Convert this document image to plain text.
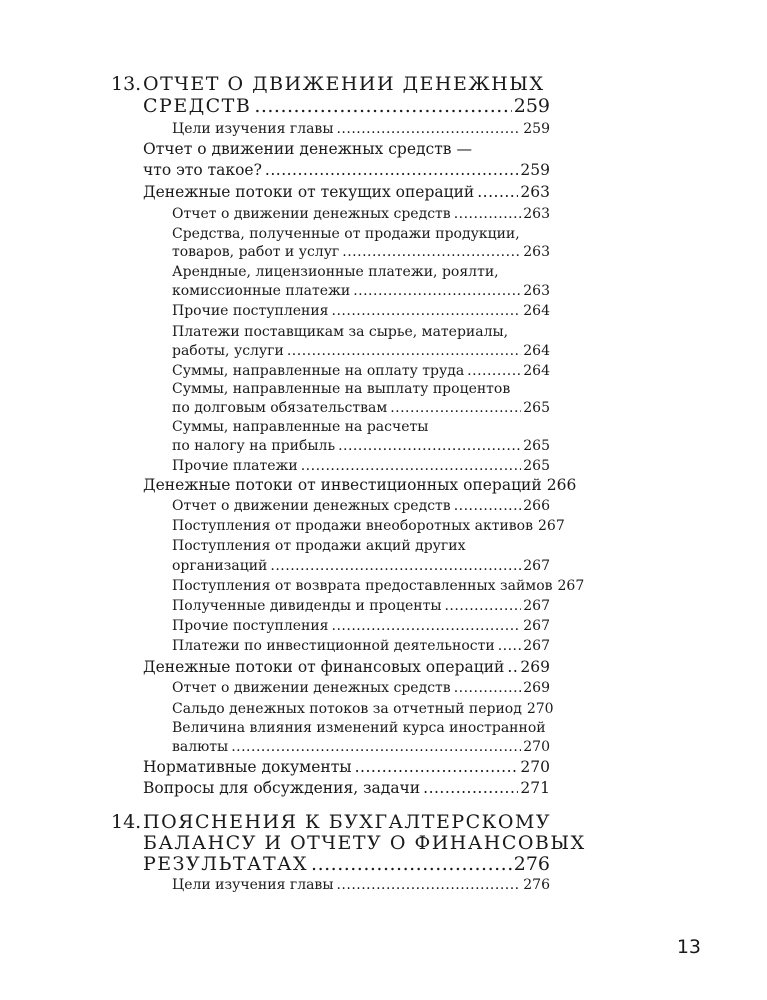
13. ОТЧЕТ О ДВИЖЕНИИ ДЕНЕЖНЫХ
СРЕДСТВ .....	259
Цели изучения главы .....	259
Отчет о движении денежных средств —
что это такое? .....	259
Денежные потоки от текущих операций .....	263
Отчет о движении денежных средств .....	263
Средства, полученные от продажи продукции,
товаров, работ и услуг .....	263
Арендные, лицензионные платежи, роялти,
комиссионные платежи .....	263
Прочие поступления .....	264
Платежи поставщикам за сырье, материалы,
работы, услуги .....	264
Суммы, направленные на оплату труда .....	264
Суммы, направленные на выплату процентов
по долговым обязательствам .....	265
Суммы, направленные на расчеты
по налогу на прибыль .....	265
Прочие платежи .....	265
Денежные потоки от инвестиционных операций 266
Отчет о движении денежных средств .....	266
Поступления от продажи внеоборотных активов 267
Поступления от продажи акций других
организаций .....	267
Поступления от возврата предоставленных займов 267
Полученные дивиденды и проценты .....	267
Прочие поступления .....	267
Платежи по инвестиционной деятельности ..... 267
Денежные потоки от финансовых операций ..... 269
Отчет о движении денежных средств .....	269
Сальдо денежных потоков за отчетный период 270
Величина влияния изменений курса иностранной
валюты .....	270
Нормативные документы .....	270
Вопросы для обсуждения, задачи .....	271
14. ПОЯСНЕНИЯ К БУХГАЛТЕРСКОМУ
БАЛАНСУ И ОТЧЕТУ О ФИНАНСОВЫХ
РЕЗУЛЬТАТАХ .....	276
Цели изучения главы .....	276
13
